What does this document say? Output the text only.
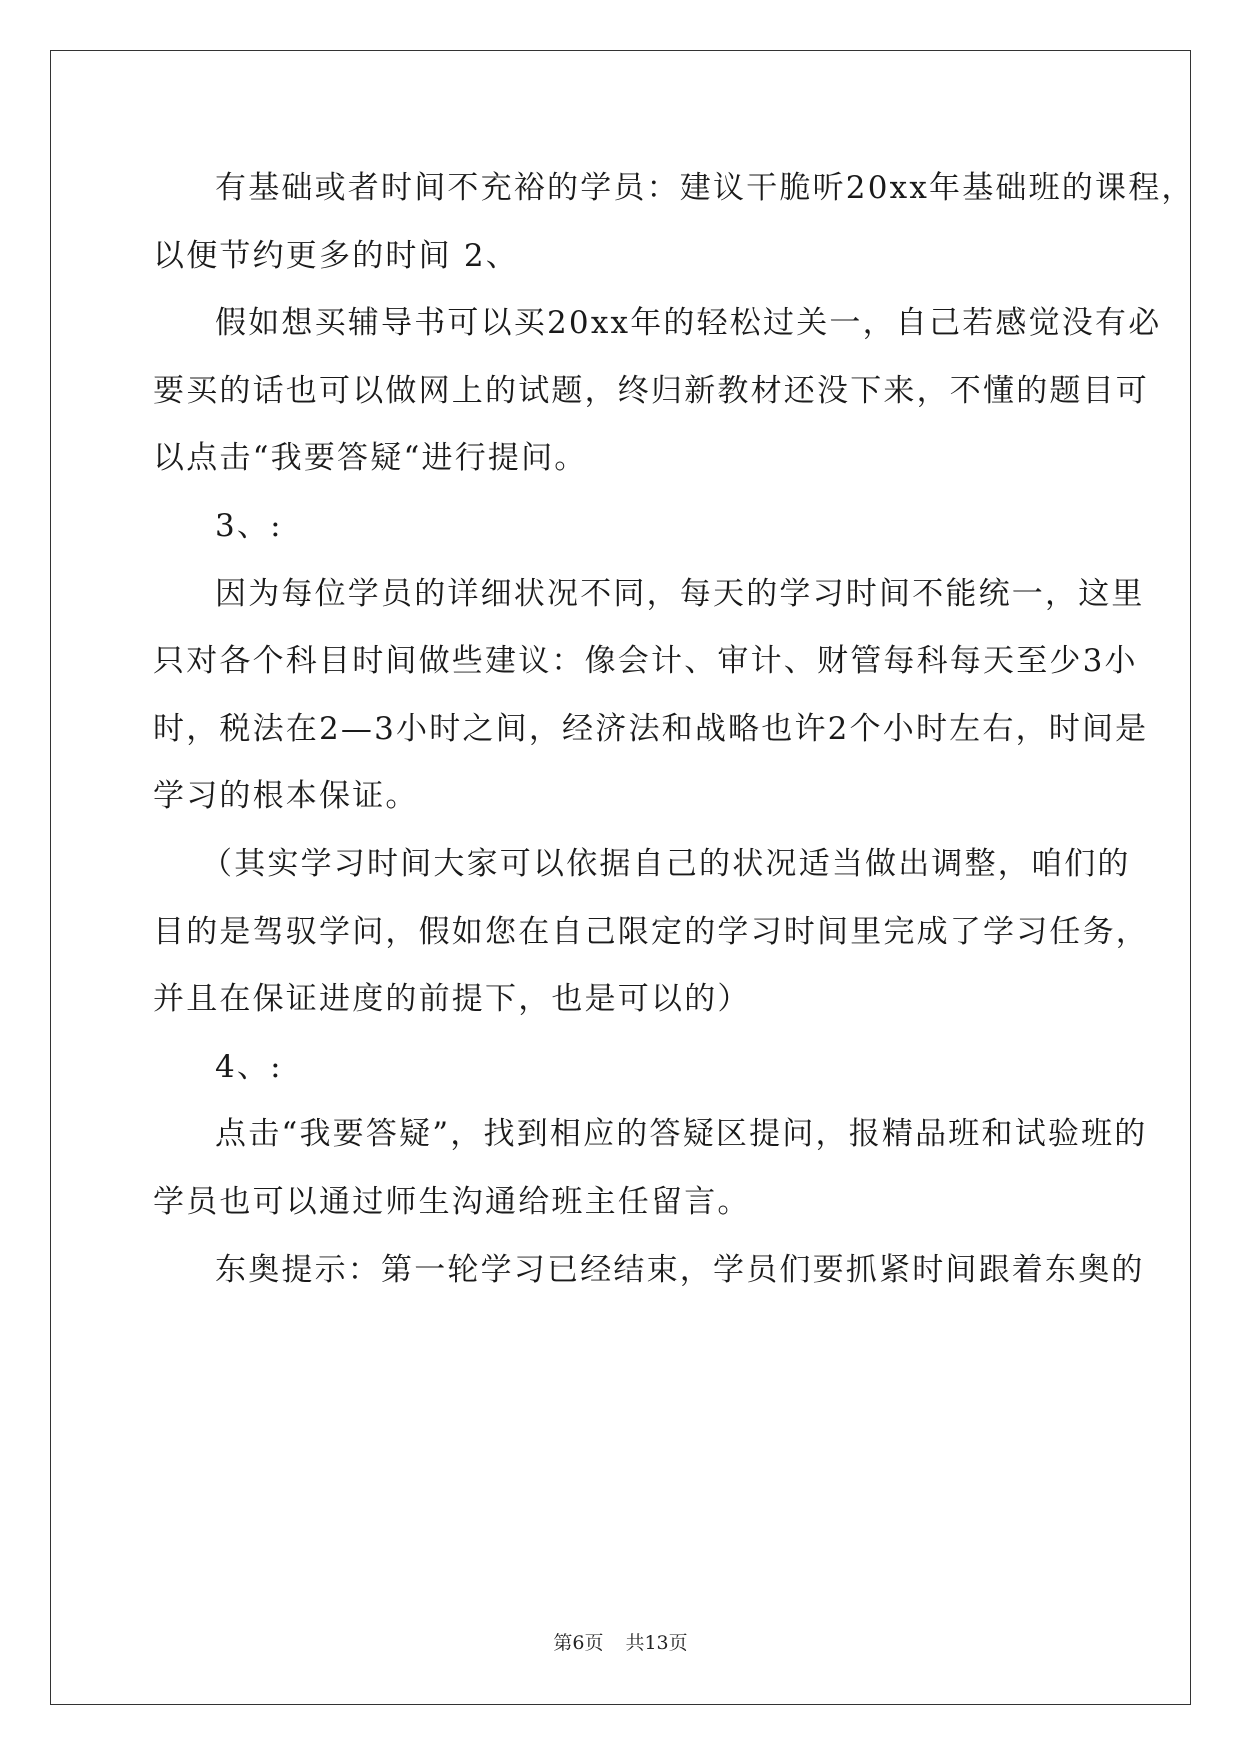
有基础或者时间不充裕的学员：建议干脆听20xx年基础班的课程，
以便节约更多的时间 2、
假如想买辅导书可以买20xx年的轻松过关一，自己若感觉没有必
要买的话也可以做网上的试题，终归新教材还没下来，不懂的题目可
以点击“我要答疑“进行提问。
3、:
因为每位学员的详细状况不同，每天的学习时间不能统一，这里
只对各个科目时间做些建议：像会计、审计、财管每科每天至少3小
时，税法在2—3小时之间，经济法和战略也许2个小时左右，时间是
学习的根本保证。
（其实学习时间大家可以依据自己的状况适当做出调整，咱们的
目的是驾驭学问，假如您在自己限定的学习时间里完成了学习任务，
并且在保证进度的前提下，也是可以的）
4、:
点击“我要答疑”，找到相应的答疑区提问，报精品班和试验班的
学员也可以通过师生沟通给班主任留言。
东奥提示：第一轮学习已经结束，学员们要抓紧时间跟着东奥的
第6页 共13页
